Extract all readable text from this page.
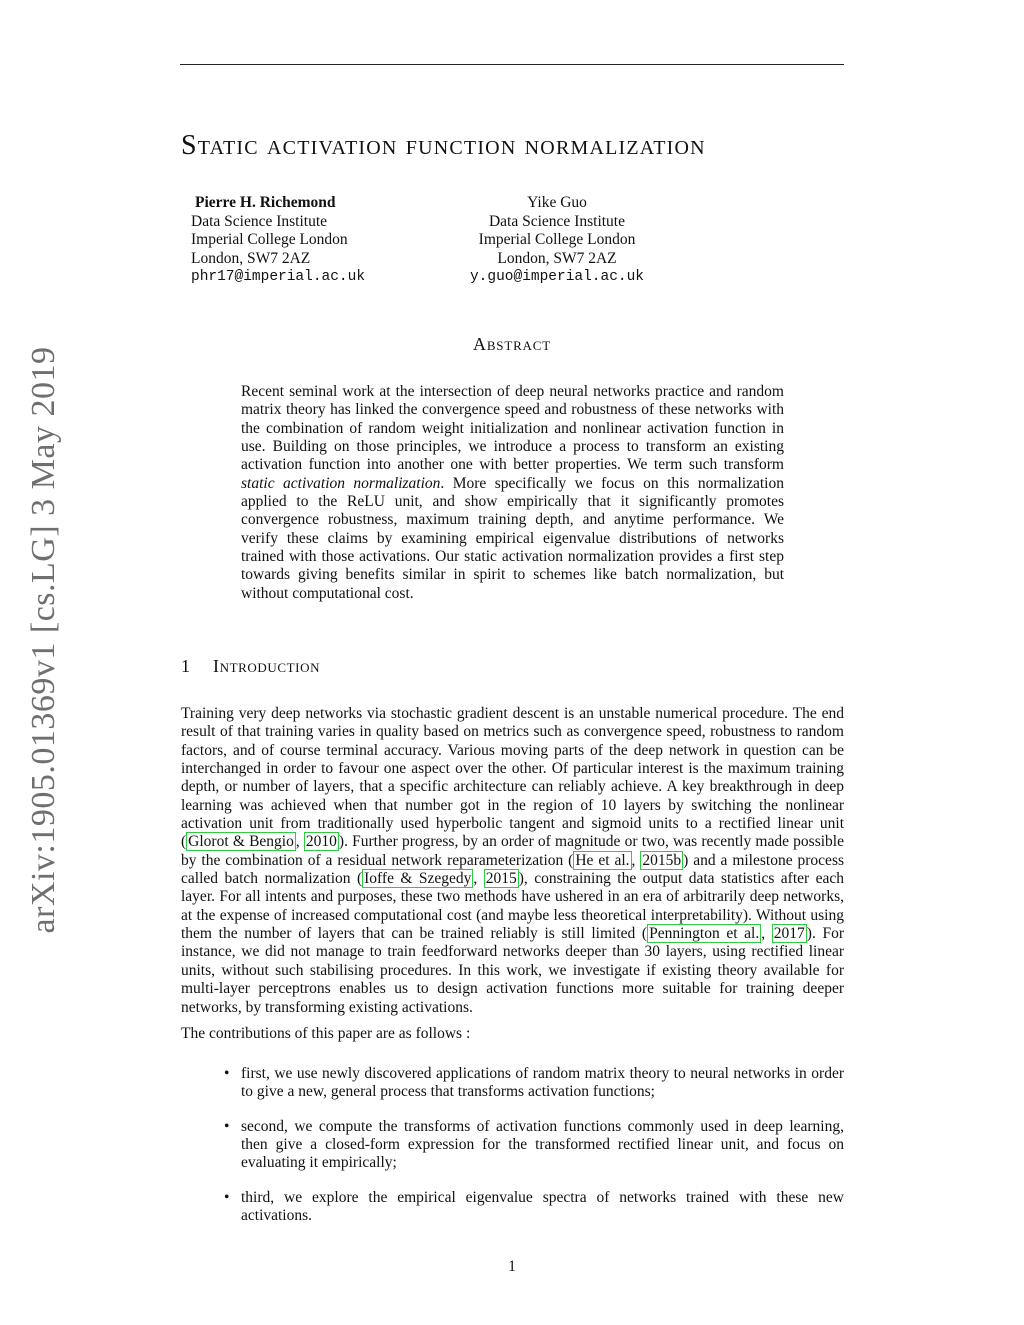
arXiv:1905.01369v1 [cs.LG] 3 May 2019
Static activation function normalization
Pierre H. Richemond
Data Science Institute
Imperial College London
London, SW7 2AZ
phr17@imperial.ac.uk
Yike Guo
Data Science Institute
Imperial College London
London, SW7 2AZ
y.guo@imperial.ac.uk
Abstract
Recent seminal work at the intersection of deep neural networks practice and random matrix theory has linked the convergence speed and robustness of these networks with the combination of random weight initialization and nonlinear activation function in use. Building on those principles, we introduce a process to transform an existing activation function into another one with better properties. We term such transform static activation normalization. More specifically we focus on this normalization applied to the ReLU unit, and show empirically that it significantly promotes convergence robustness, maximum training depth, and anytime performance. We verify these claims by examining empirical eigenvalue distributions of networks trained with those activations. Our static activation normalization provides a first step towards giving benefits similar in spirit to schemes like batch normalization, but without computational cost.
1 Introduction
Training very deep networks via stochastic gradient descent is an unstable numerical procedure. The end result of that training varies in quality based on metrics such as convergence speed, robustness to random factors, and of course terminal accuracy. Various moving parts of the deep network in question can be interchanged in order to favour one aspect over the other. Of particular interest is the maximum training depth, or number of layers, that a specific architecture can reliably achieve. A key breakthrough in deep learning was achieved when that number got in the region of 10 layers by switching the nonlinear activation unit from traditionally used hyperbolic tangent and sigmoid units to a rectified linear unit ( Glorot & Bengio , 2010 ). Further progress, by an order of magnitude or two, was recently made possible by the combination of a residual network reparameterization ( He et al. , 2015b ) and a milestone process called batch normalization ( Ioffe & Szegedy , 2015 ), constraining the output data statistics after each layer. For all intents and purposes, these two methods have ushered in an era of arbitrarily deep networks, at the expense of increased computational cost (and maybe less theoretical interpretability). Without using them the number of layers that can be trained reliably is still limited ( Pennington et al. , 2017 ). For instance, we did not manage to train feedforward networks deeper than 30 layers, using rectified linear units, without such stabilising procedures. In this work, we investigate if existing theory available for multi-layer perceptrons enables us to design activation functions more suitable for training deeper networks, by transforming existing activations.
The contributions of this paper are as follows :
• first, we use newly discovered applications of random matrix theory to neural networks in order to give a new, general process that transforms activation functions;
• second, we compute the transforms of activation functions commonly used in deep learning, then give a closed-form expression for the transformed rectified linear unit, and focus on evaluating it empirically;
• third, we explore the empirical eigenvalue spectra of networks trained with these new activations.
1
